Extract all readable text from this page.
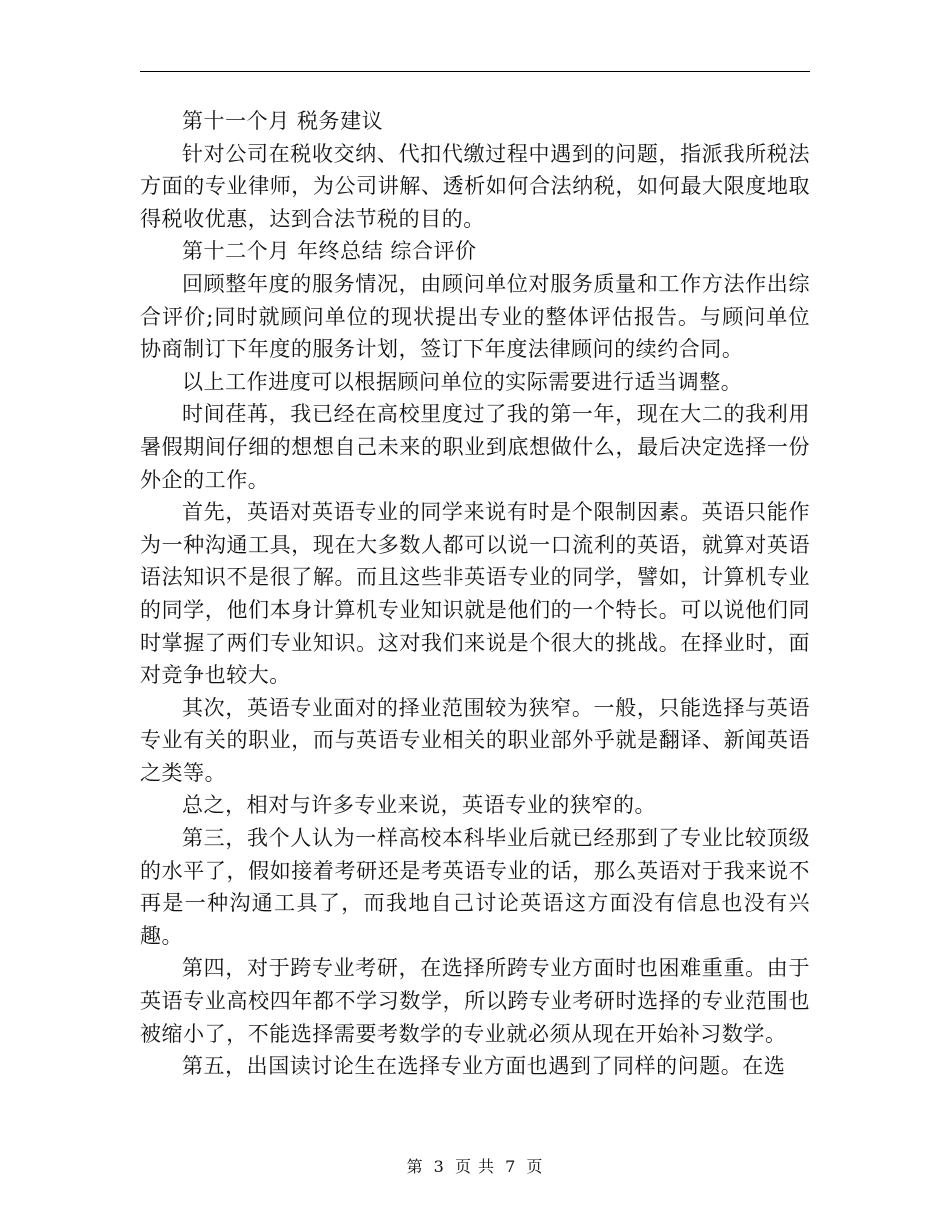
第十一个月 税务建议

针对公司在税收交纳、代扣代缴过程中遇到的问题，指派我所税法方面的专业律师，为公司讲解、透析如何合法纳税，如何最大限度地取得税收优惠，达到合法节税的目的。

第十二个月 年终总结 综合评价

回顾整年度的服务情况，由顾问单位对服务质量和工作方法作出综合评价;同时就顾问单位的现状提出专业的整体评估报告。与顾问单位协商制订下年度的服务计划，签订下年度法律顾问的续约合同。

以上工作进度可以根据顾问单位的实际需要进行适当调整。

时间荏苒，我已经在高校里度过了我的第一年，现在大二的我利用暑假期间仔细的想想自己未来的职业到底想做什么，最后决定选择一份外企的工作。

首先，英语对英语专业的同学来说有时是个限制因素。英语只能作为一种沟通工具，现在大多数人都可以说一口流利的英语，就算对英语语法知识不是很了解。而且这些非英语专业的同学，譬如，计算机专业的同学，他们本身计算机专业知识就是他们的一个特长。可以说他们同时掌握了两们专业知识。这对我们来说是个很大的挑战。在择业时，面对竞争也较大。

其次，英语专业面对的择业范围较为狭窄。一般，只能选择与英语专业有关的职业，而与英语专业相关的职业部外乎就是翻译、新闻英语之类等。

总之，相对与许多专业来说，英语专业的狭窄的。

第三，我个人认为一样高校本科毕业后就已经那到了专业比较顶级的水平了，假如接着考研还是考英语专业的话，那么英语对于我来说不再是一种沟通工具了，而我地自己讨论英语这方面没有信息也没有兴趣。

第四，对于跨专业考研，在选择所跨专业方面时也困难重重。由于英语专业高校四年都不学习数学，所以跨专业考研时选择的专业范围也被缩小了，不能选择需要考数学的专业就必须从现在开始补习数学。

第五，出国读讨论生在选择专业方面也遇到了同样的问题。在选

第 3 页 共 7 页
